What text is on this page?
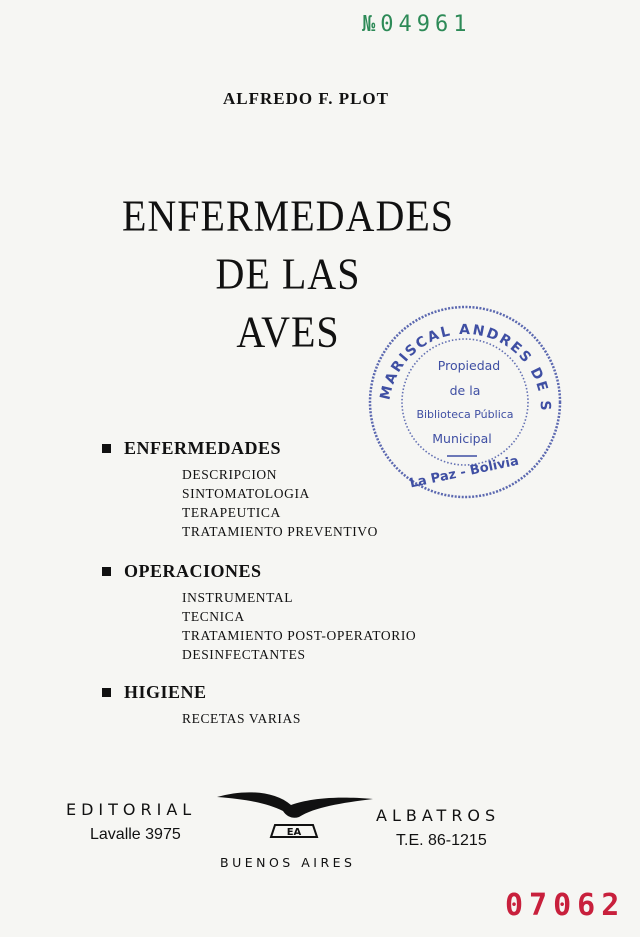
№04961
ALFREDO F. PLOT
ENFERMEDADES
DE LAS
AVES
ENFERMEDADES
DESCRIPCION
SINTOMATOLOGIA
TERAPEUTICA
TRATAMIENTO PREVENTIVO
OPERACIONES
INSTRUMENTAL
TECNICA
TRATAMIENTO POST-OPERATORIO
DESINFECTANTES
HIGIENE
RECETAS VARIAS
MARISCAL ANDRES DE S
Propiedad
de la
Biblioteca Pública
Municipal
La Paz - Bolivia
EDITORIAL
Lavalle 3975	EA
ALBATROS
T.E. 86-1215
BUENOS AIRES
07062
